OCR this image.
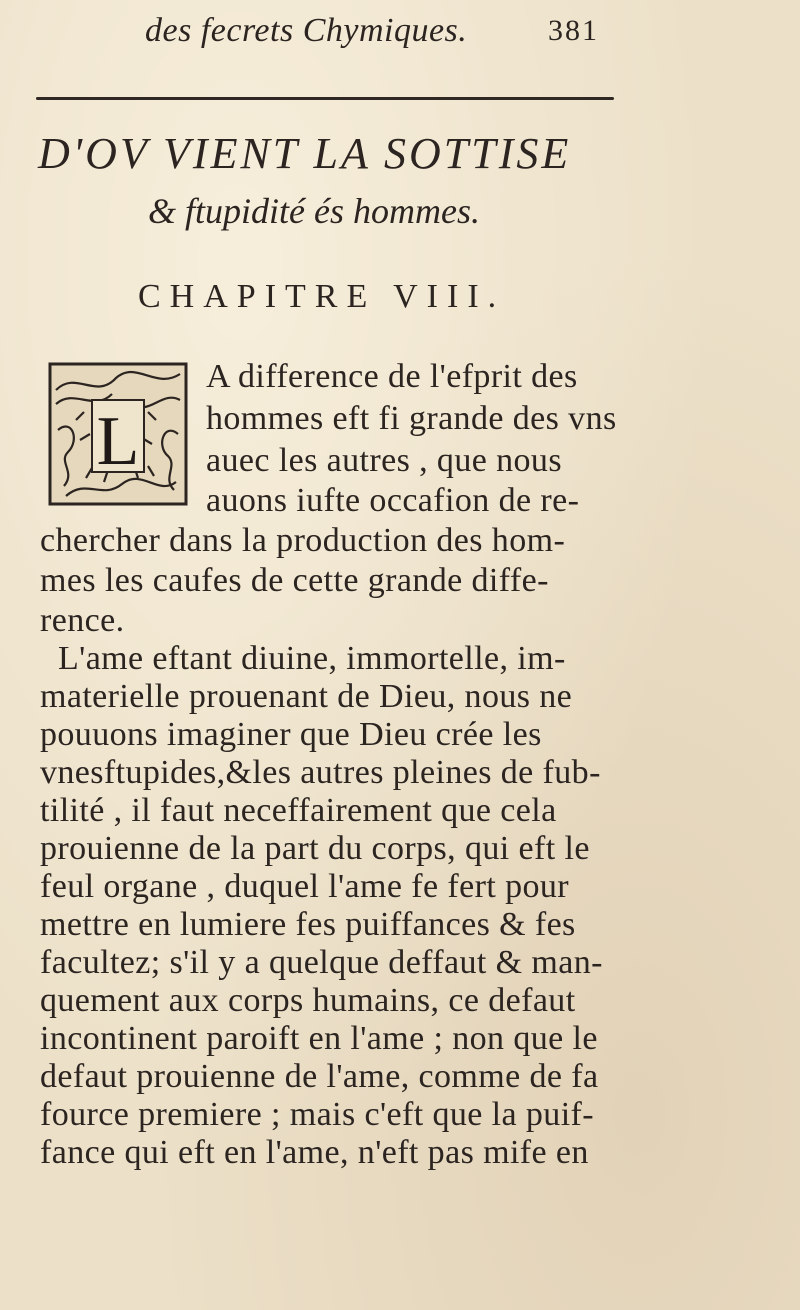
des fecrets Chymiques.	381
D'OV VIENT LA SOTTISE
& ftupidité és hommes.
CHAPITRE VIII.
L
A difference de l'efprit des
hommes eft fi grande des vns
auec les autres , que nous
auons iufte occafion de re-
chercher dans la production des hom-
mes les caufes de cette grande diffe-
rence.
L'ame eftant diuine, immortelle, im-
materielle prouenant de Dieu, nous ne
pouuons imaginer que Dieu crée les
vnesftupides,&les autres pleines de fub-
tilité , il faut neceffairement que cela
prouienne de la part du corps, qui eft le
feul organe , duquel l'ame fe fert pour
mettre en lumiere fes puiffances & fes
facultez; s'il y a quelque deffaut & man-
quement aux corps humains, ce defaut
incontinent paroift en l'ame ; non que le
defaut prouienne de l'ame, comme de fa
fource premiere ; mais c'eft que la puif-
fance qui eft en l'ame, n'eft pas mife en
